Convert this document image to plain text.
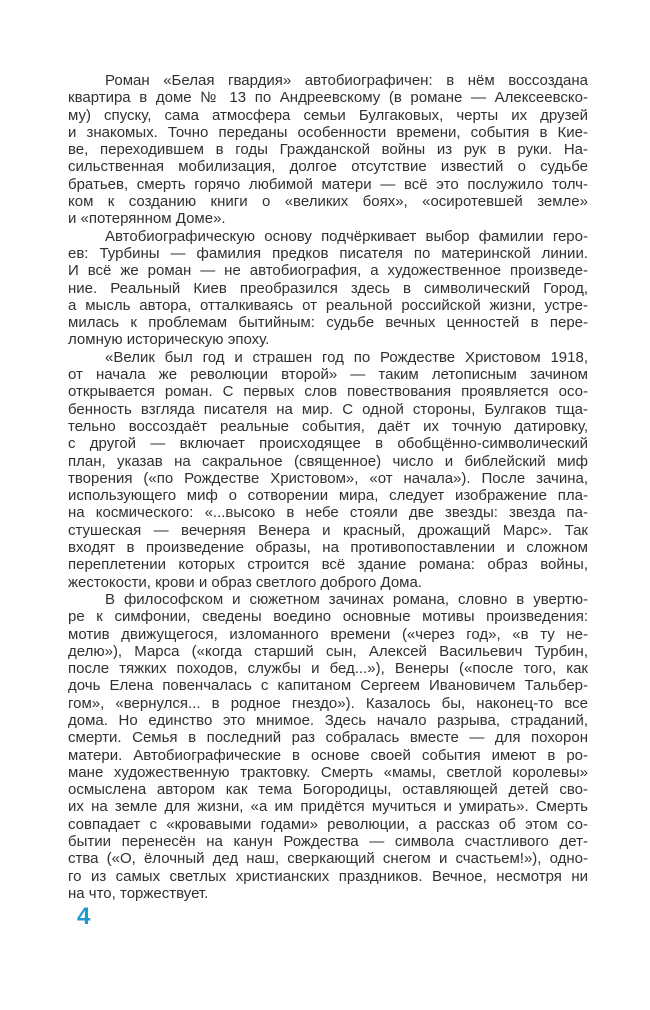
Роман «Белая гвардия» автобиографичен: в нём воссоздана
квартира в доме № 13 по Андреевскому (в романе — Алексеевско-
му) спуску, сама атмосфера семьи Булгаковых, черты их друзей
и знакомых. Точно переданы особенности времени, события в Кие-
ве, переходившем в годы Гражданской войны из рук в руки. На-
сильственная мобилизация, долгое отсутствие известий о судьбе
братьев, смерть горячо любимой матери — всё это послужило толч-
ком к созданию книги о «великих боях», «осиротевшей земле»
и «потерянном Доме».
Автобиографическую основу подчёркивает выбор фамилии геро-
ев: Турбины — фамилия предков писателя по материнской линии.
И всё же роман — не автобиография, а художественное произведе-
ние. Реальный Киев преобразился здесь в символический Город,
а мысль автора, отталкиваясь от реальной российской жизни, устре-
милась к проблемам бытийным: судьбе вечных ценностей в пере-
ломную историческую эпоху.
«Велик был год и страшен год по Рождестве Христовом 1918,
от начала же революции второй» — таким летописным зачином
открывается роман. С первых слов повествования проявляется осо-
бенность взгляда писателя на мир. С одной стороны, Булгаков тща-
тельно воссоздаёт реальные события, даёт их точную датировку,
с другой — включает происходящее в обобщённо-символический
план, указав на сакральное (священное) число и библейский миф
творения («по Рождестве Христовом», «от начала»). После зачина,
использующего миф о сотворении мира, следует изображение пла-
на космического: «...высоко в небе стояли две звезды: звезда па-
стушеская — вечерняя Венера и красный, дрожащий Марс». Так
входят в произведение образы, на противопоставлении и сложном
переплетении которых строится всё здание романа: образ войны,
жестокости, крови и образ светлого доброго Дома.
В философском и сюжетном зачинах романа, словно в увертю-
ре к симфонии, сведены воедино основные мотивы произведения:
мотив движущегося, изломанного времени («через год», «в ту не-
делю»), Марса («когда старший сын, Алексей Васильевич Турбин,
после тяжких походов, службы и бед...»), Венеры («после того, как
дочь Елена повенчалась с капитаном Сергеем Ивановичем Тальбер-
гом», «вернулся... в родное гнездо»). Казалось бы, наконец-то все
дома. Но единство это мнимое. Здесь начало разрыва, страданий,
смерти. Семья в последний раз собралась вместе — для похорон
матери. Автобиографические в основе своей события имеют в ро-
мане художественную трактовку. Смерть «мамы, светлой королевы»
осмыслена автором как тема Богородицы, оставляющей детей сво-
их на земле для жизни, «а им придётся мучиться и умирать». Смерть
совпадает с «кровавыми годами» революции, а рассказ об этом со-
бытии перенесён на канун Рождества — символа счастливого дет-
ства («О, ёлочный дед наш, сверкающий снегом и счастьем!»), одно-
го из самых светлых христианских праздников. Вечное, несмотря ни
на что, торжествует.
4
